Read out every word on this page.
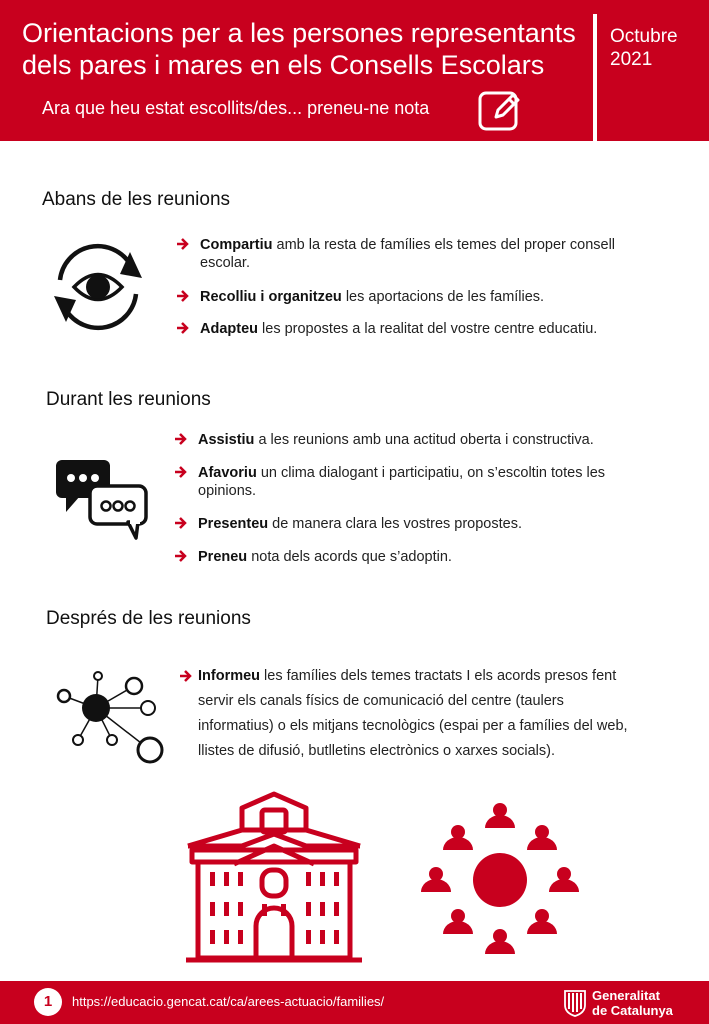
Orientacions per a les persones representants
dels pares i mares en els Consells Escolars
Ara que heu estat escollits/des... preneu-ne nota
Octubre
2021
Abans de les reunions
Compartiu amb la resta de famílies els temes del proper consell escolar.
Recolliu i organitzeu les aportacions de les famílies.
Adapteu les propostes a la realitat del vostre centre educatiu.
Durant les reunions
Assistiu a les reunions amb una actitud oberta i constructiva.
Afavoriu un clima dialogant i participatiu, on s’escoltin totes les opinions.
Presenteu de manera clara les vostres propostes.
Preneu nota dels acords que s’adoptin.
Després de les reunions
Informeu les famílies dels temes tractats I els acords presos fent servir els canals físics de comunicació del centre (taulers informatius) o els mitjans tecnològics (espai per a famílies del web, llistes de difusió, butlletins electrònics o xarxes socials).
1	https://educacio.gencat.cat/ca/arees-actuacio/families/	Generalitat
de Catalunya
